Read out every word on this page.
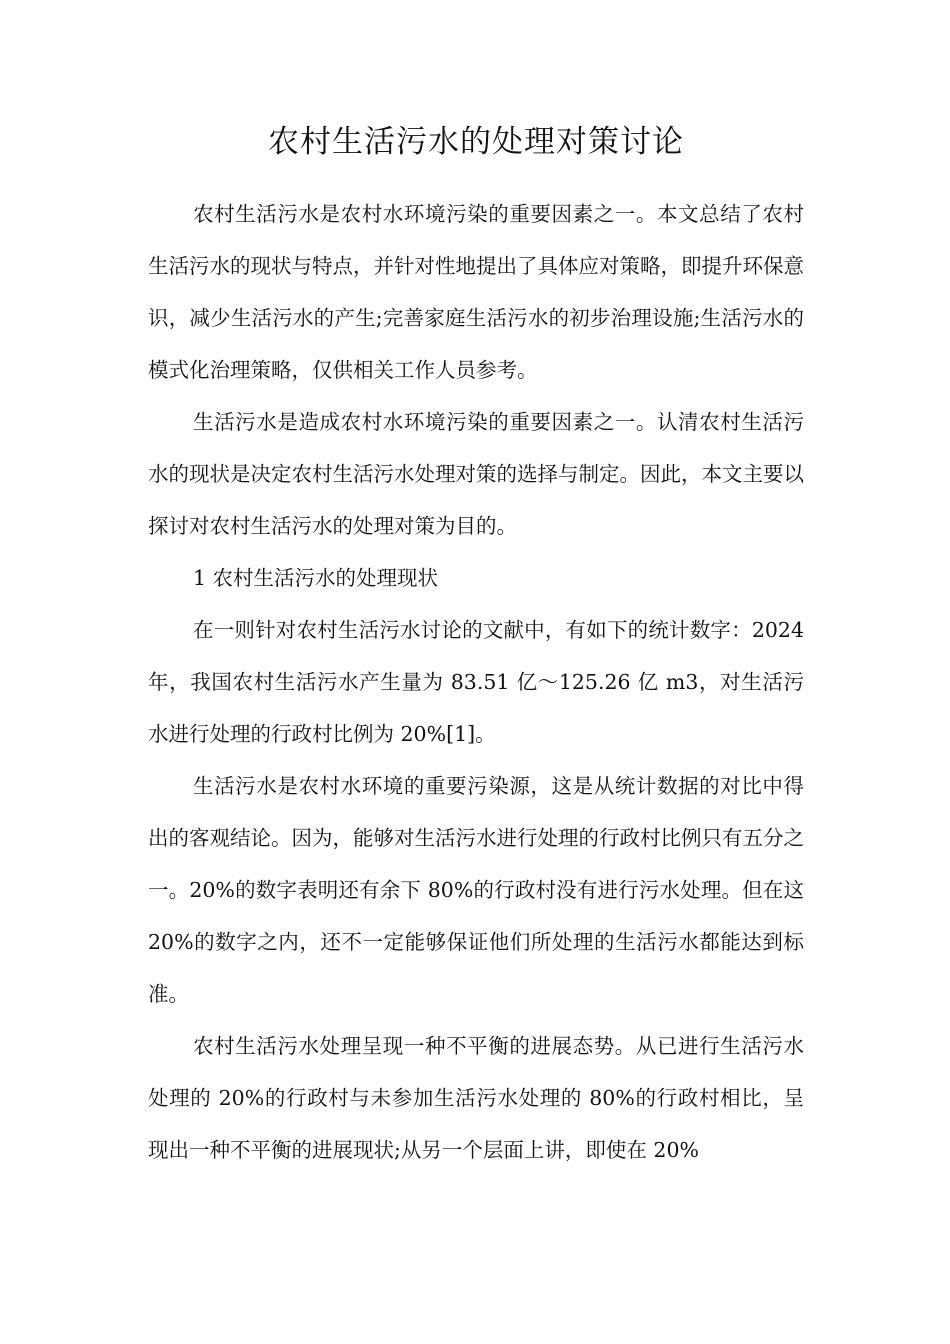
农村生活污水的处理对策讨论

农村生活污水是农村水环境污染的重要因素之一。本文总结了农村生活污水的现状与特点，并针对性地提出了具体应对策略，即提升环保意识，减少生活污水的产生;完善家庭生活污水的初步治理设施;生活污水的模式化治理策略，仅供相关工作人员参考。

生活污水是造成农村水环境污染的重要因素之一。认清农村生活污水的现状是决定农村生活污水处理对策的选择与制定。因此，本文主要以探讨对农村生活污水的处理对策为目的。

1 农村生活污水的处理现状

在一则针对农村生活污水讨论的文献中，有如下的统计数字：2024 年，我国农村生活污水产生量为 83.51 亿～125.26 亿 m3，对生活污水进行处理的行政村比例为 20%[1]。

生活污水是农村水环境的重要污染源，这是从统计数据的对比中得出的客观结论。因为，能够对生活污水进行处理的行政村比例只有五分之一。20%的数字表明还有余下 80%的行政村没有进行污水处理。但在这 20%的数字之内，还不一定能够保证他们所处理的生活污水都能达到标准。

农村生活污水处理呈现一种不平衡的进展态势。从已进行生活污水处理的 20%的行政村与未参加生活污水处理的 80%的行政村相比，呈现出一种不平衡的进展现状;从另一个层面上讲，即使在 20%
